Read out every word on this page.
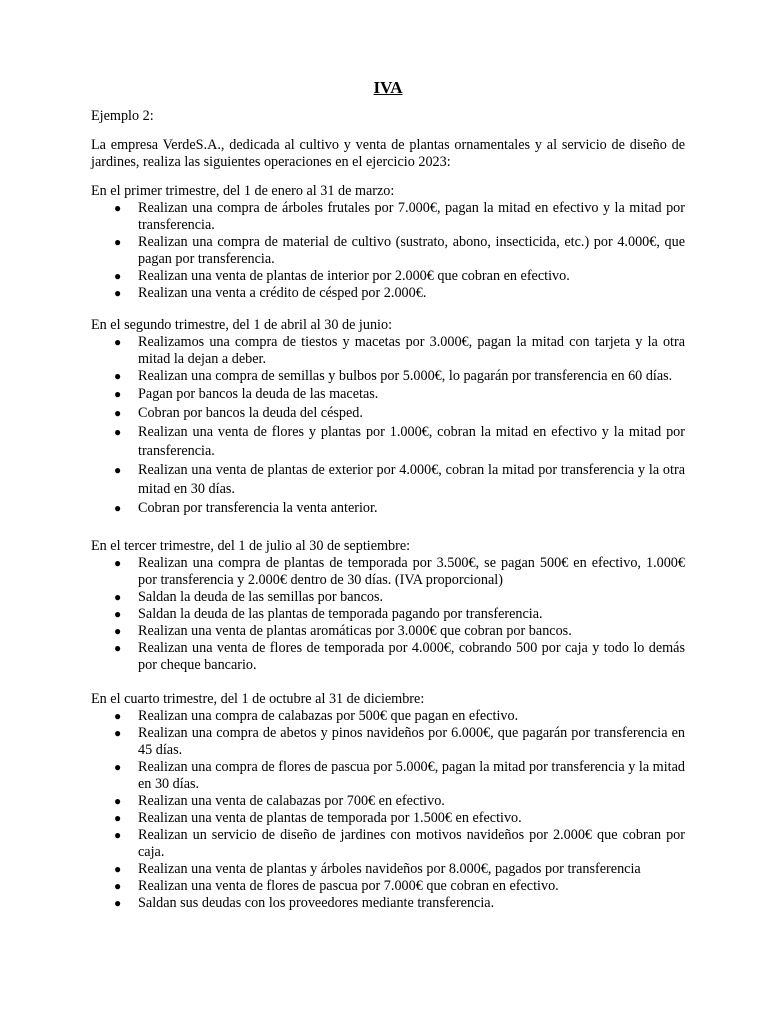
IVA
Ejemplo 2:
La empresa VerdeS.A., dedicada al cultivo y venta de plantas ornamentales y al servicio de diseño de jardines, realiza las siguientes operaciones en el ejercicio 2023:
En el primer trimestre, del 1 de enero al 31 de marzo:
● Realizan una compra de árboles frutales por 7.000€, pagan la mitad en efectivo y la mitad por transferencia.
● Realizan una compra de material de cultivo (sustrato, abono, insecticida, etc.) por 4.000€, que pagan por transferencia.
● Realizan una venta de plantas de interior por 2.000€ que cobran en efectivo.
● Realizan una venta a crédito de césped por 2.000€.
En el segundo trimestre, del 1 de abril al 30 de junio:
● Realizamos una compra de tiestos y macetas por 3.000€, pagan la mitad con tarjeta y la otra mitad la dejan a deber.
● Realizan una compra de semillas y bulbos por 5.000€, lo pagarán por transferencia en 60 días.
● Pagan por bancos la deuda de las macetas.
● Cobran por bancos la deuda del césped.
● Realizan una venta de flores y plantas por 1.000€, cobran la mitad en efectivo y la mitad por transferencia.
● Realizan una venta de plantas de exterior por 4.000€, cobran la mitad por transferencia y la otra mitad en 30 días.
● Cobran por transferencia la venta anterior.
En el tercer trimestre, del 1 de julio al 30 de septiembre:
● Realizan una compra de plantas de temporada por 3.500€, se pagan 500€ en efectivo, 1.000€ por transferencia y 2.000€ dentro de 30 días. (IVA proporcional)
● Saldan la deuda de las semillas por bancos.
● Saldan la deuda de las plantas de temporada pagando por transferencia.
● Realizan una venta de plantas aromáticas por 3.000€ que cobran por bancos.
● Realizan una venta de flores de temporada por 4.000€, cobrando 500 por caja y todo lo demás por cheque bancario.
En el cuarto trimestre, del 1 de octubre al 31 de diciembre:
● Realizan una compra de calabazas por 500€ que pagan en efectivo.
● Realizan una compra de abetos y pinos navideños por 6.000€, que pagarán por transferencia en 45 días.
● Realizan una compra de flores de pascua por 5.000€, pagan la mitad por transferencia y la mitad en 30 días.
● Realizan una venta de calabazas por 700€ en efectivo.
● Realizan una venta de plantas de temporada por 1.500€ en efectivo.
● Realizan un servicio de diseño de jardines con motivos navideños por 2.000€ que cobran por caja.
● Realizan una venta de plantas y árboles navideños por 8.000€, pagados por transferencia
● Realizan una venta de flores de pascua por 7.000€ que cobran en efectivo.
● Saldan sus deudas con los proveedores mediante transferencia.
